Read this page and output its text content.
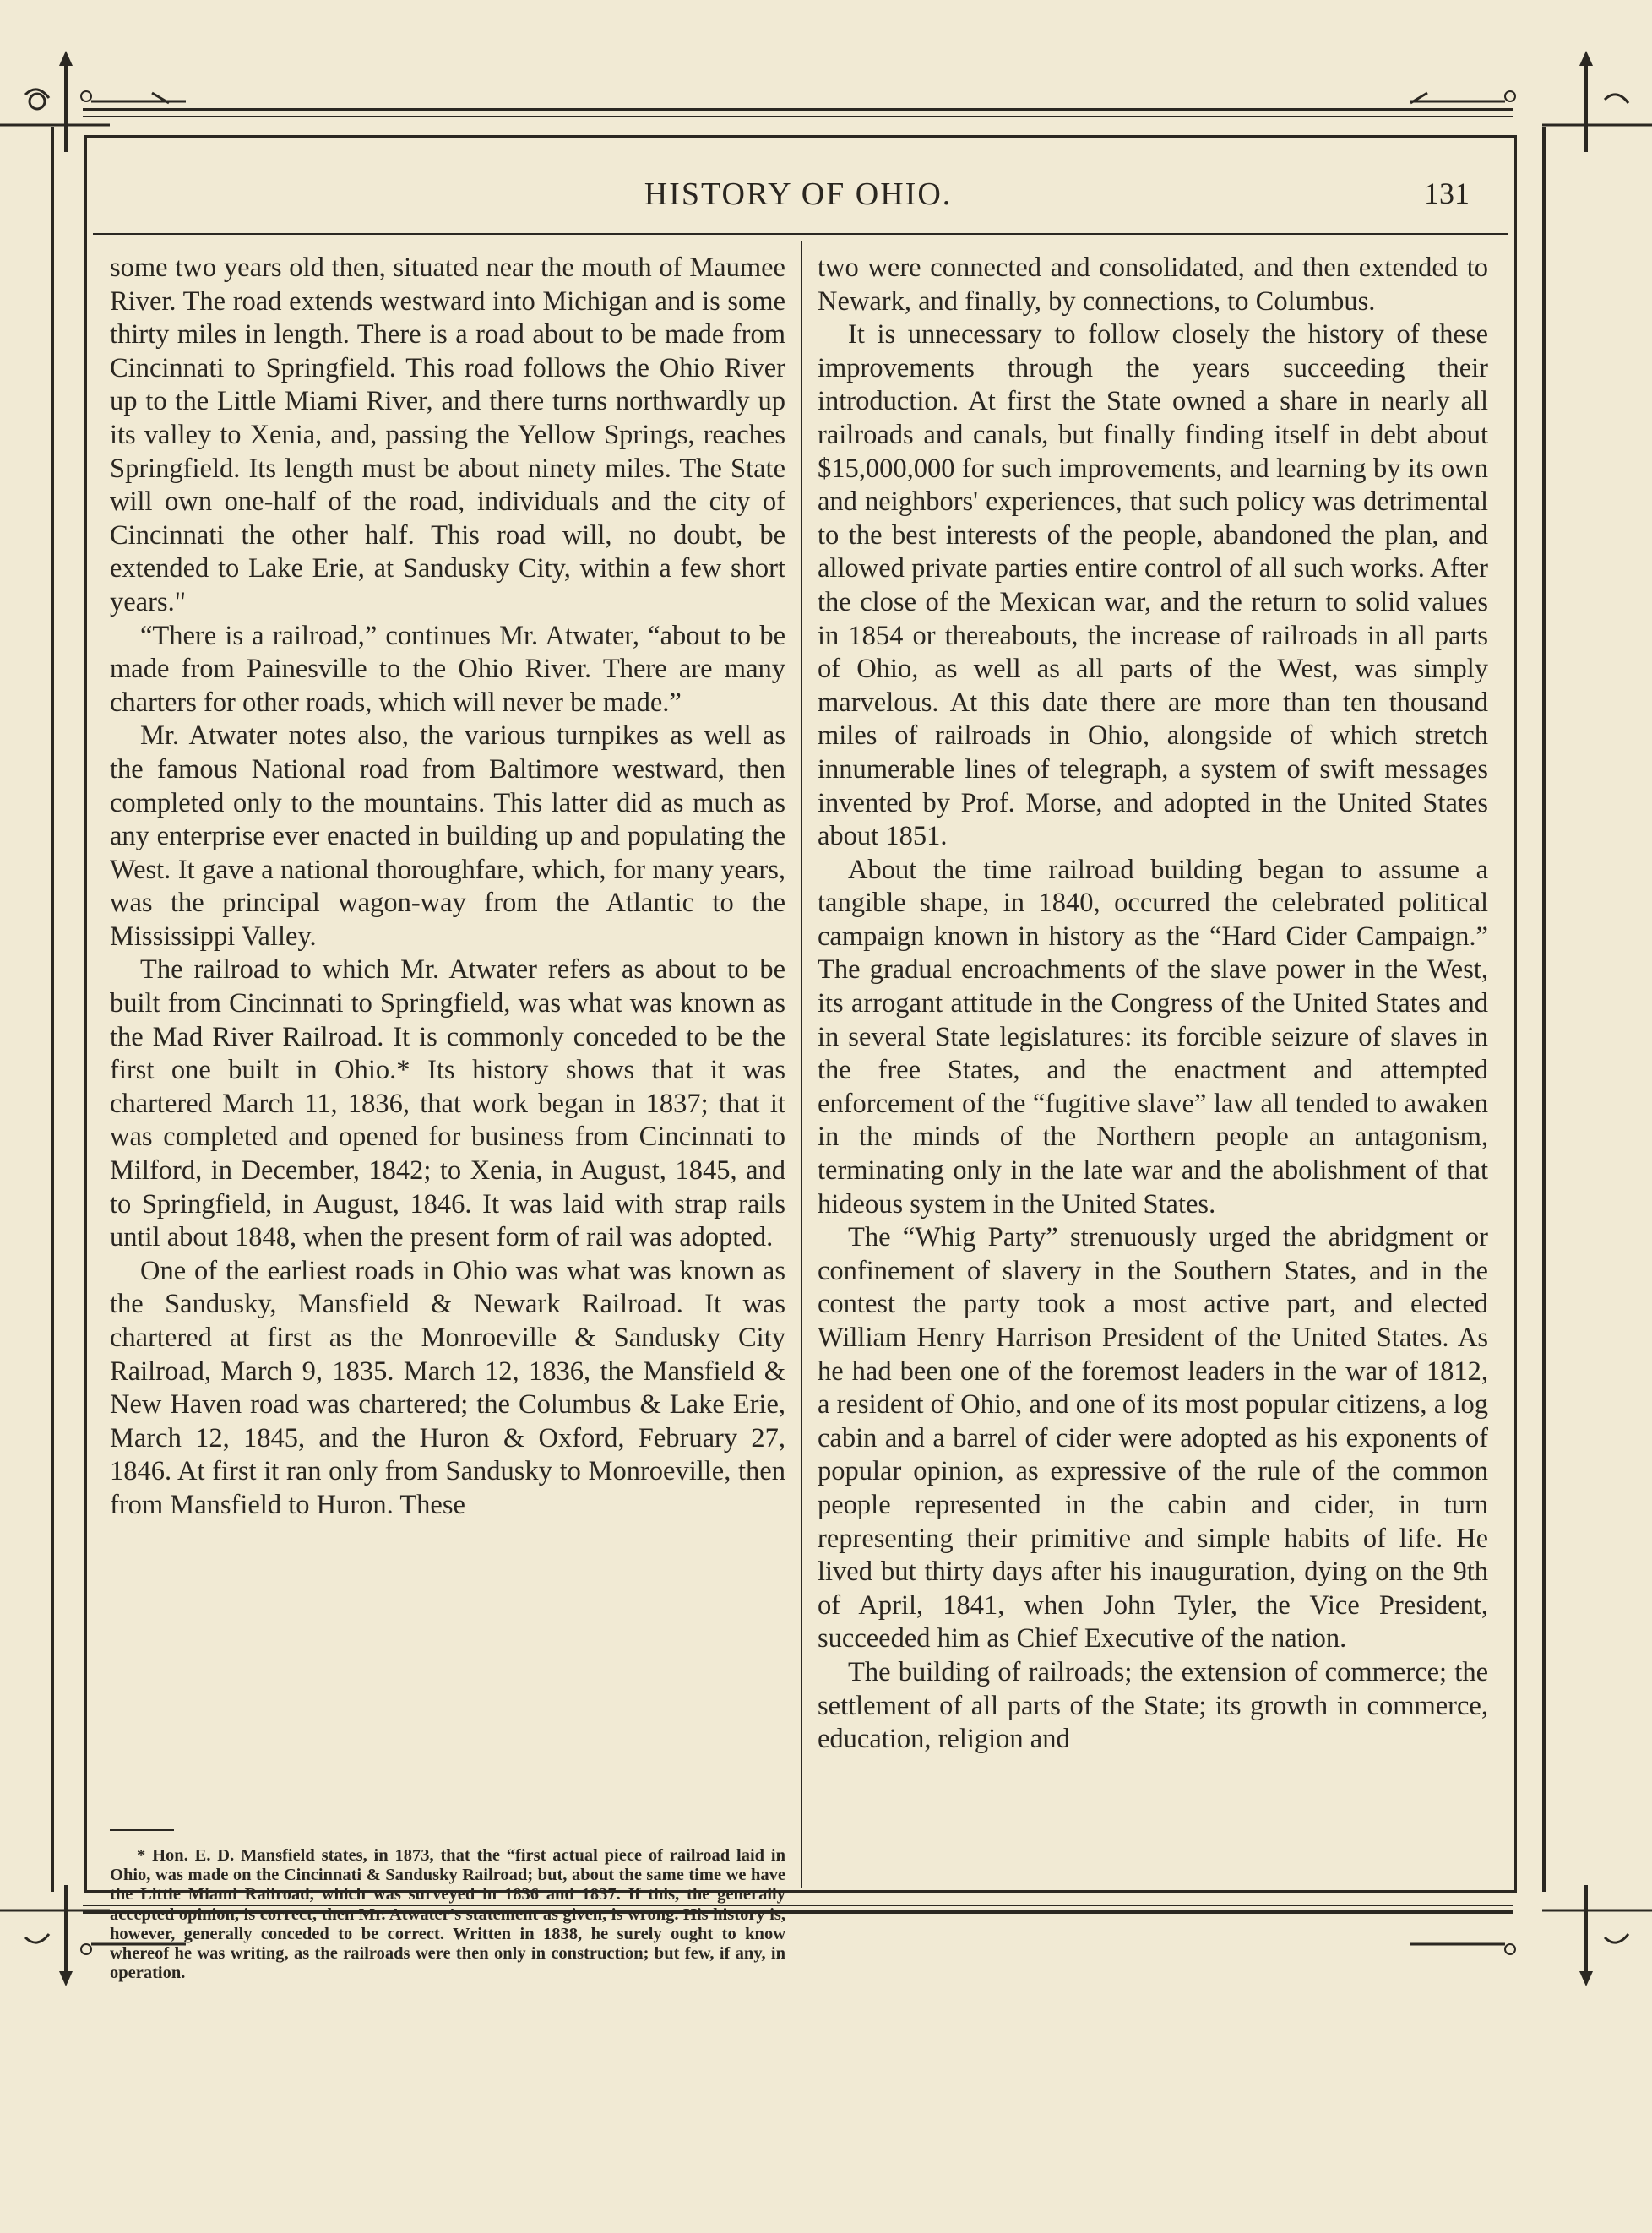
HISTORY OF OHIO.	131

some two years old then, situated near the mouth of Maumee River. The road extends westward into Michigan and is some thirty miles in length. There is a road about to be made from Cincinnati to Springfield. This road follows the Ohio River up to the Little Miami River, and there turns northwardly up its valley to Xenia, and, passing the Yellow Springs, reaches Springfield. Its length must be about ninety miles. The State will own one-half of the road, individuals and the city of Cincinnati the other half. This road will, no doubt, be extended to Lake Erie, at Sandusky City, within a few short years."

“There is a railroad,” continues Mr. Atwater, “about to be made from Painesville to the Ohio River. There are many charters for other roads, which will never be made.”

Mr. Atwater notes also, the various turnpikes as well as the famous National road from Baltimore westward, then completed only to the mountains. This latter did as much as any enterprise ever enacted in building up and populating the West. It gave a national thoroughfare, which, for many years, was the principal wagon-way from the Atlantic to the Mississippi Valley.

The railroad to which Mr. Atwater refers as about to be built from Cincinnati to Springfield, was what was known as the Mad River Railroad. It is commonly conceded to be the first one built in Ohio.* Its history shows that it was chartered March 11, 1836, that work began in 1837; that it was completed and opened for business from Cincinnati to Milford, in December, 1842; to Xenia, in August, 1845, and to Springfield, in August, 1846. It was laid with strap rails until about 1848, when the present form of rail was adopted.

One of the earliest roads in Ohio was what was known as the Sandusky, Mansfield & Newark Railroad. It was chartered at first as the Monroeville & Sandusky City Railroad, March 9, 1835. March 12, 1836, the Mansfield & New Haven road was chartered; the Columbus & Lake Erie, March 12, 1845, and the Huron & Oxford, February 27, 1846. At first it ran only from Sandusky to Monroeville, then from Mansfield to Huron. These

* Hon. E. D. Mansfield states, in 1873, that the “first actual piece of railroad laid in Ohio, was made on the Cincinnati & Sandusky Railroad; but, about the same time we have the Little Miami Railroad, which was surveyed in 1836 and 1837. If this, the generally accepted opinion, is correct, then Mr. Atwater's statement as given, is wrong. His history is, however, generally conceded to be correct. Written in 1838, he surely ought to know whereof he was writing, as the railroads were then only in construction; but few, if any, in operation.

two were connected and consolidated, and then extended to Newark, and finally, by connections, to Columbus.

It is unnecessary to follow closely the history of these improvements through the years succeeding their introduction. At first the State owned a share in nearly all railroads and canals, but finally finding itself in debt about $15,000,000 for such improvements, and learning by its own and neighbors' experiences, that such policy was detrimental to the best interests of the people, abandoned the plan, and allowed private parties entire control of all such works. After the close of the Mexican war, and the return to solid values in 1854 or thereabouts, the increase of railroads in all parts of Ohio, as well as all parts of the West, was simply marvelous. At this date there are more than ten thousand miles of railroads in Ohio, alongside of which stretch innumerable lines of telegraph, a system of swift messages invented by Prof. Morse, and adopted in the United States about 1851.

About the time railroad building began to assume a tangible shape, in 1840, occurred the celebrated political campaign known in history as the “Hard Cider Campaign.” The gradual encroachments of the slave power in the West, its arrogant attitude in the Congress of the United States and in several State legislatures: its forcible seizure of slaves in the free States, and the enactment and attempted enforcement of the “fugitive slave” law all tended to awaken in the minds of the Northern people an antagonism, terminating only in the late war and the abolishment of that hideous system in the United States.

The “Whig Party” strenuously urged the abridgment or confinement of slavery in the Southern States, and in the contest the party took a most active part, and elected William Henry Harrison President of the United States. As he had been one of the foremost leaders in the war of 1812, a resident of Ohio, and one of its most popular citizens, a log cabin and a barrel of cider were adopted as his exponents of popular opinion, as expressive of the rule of the common people represented in the cabin and cider, in turn representing their primitive and simple habits of life. He lived but thirty days after his inauguration, dying on the 9th of April, 1841, when John Tyler, the Vice President, succeeded him as Chief Executive of the nation.

The building of railroads; the extension of commerce; the settlement of all parts of the State; its growth in commerce, education, religion and
